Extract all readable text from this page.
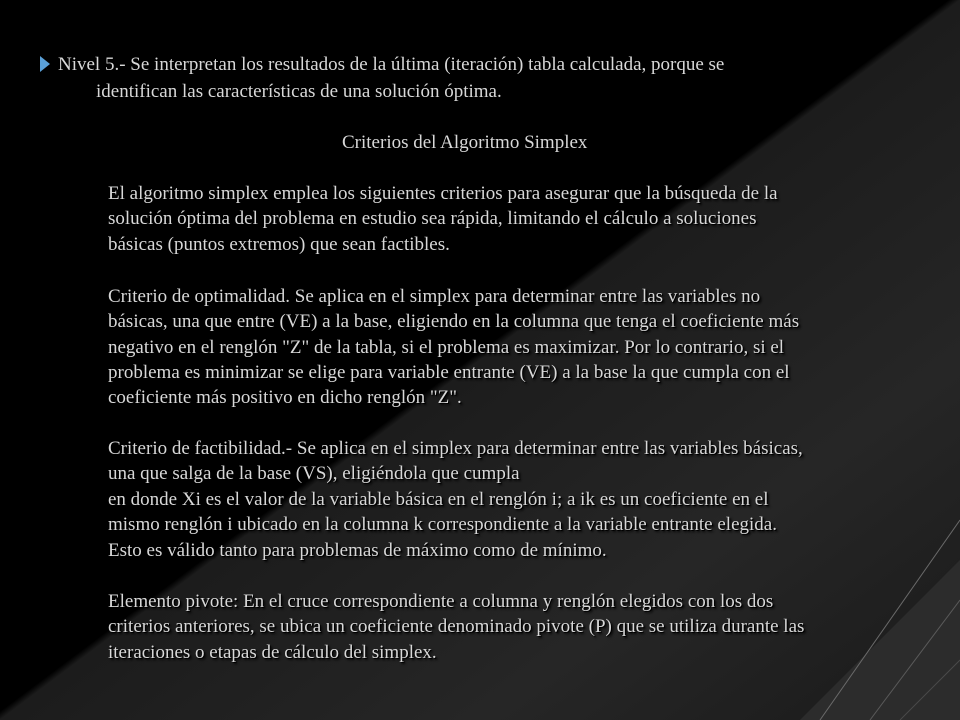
Nivel 5.- Se interpretan los resultados de la última (iteración) tabla calculada, porque se
identifican las características de una solución óptima.
Criterios del Algoritmo Simplex
El algoritmo simplex emplea los siguientes criterios para asegurar que la búsqueda de la
solución óptima del problema en estudio sea rápida, limitando el cálculo a soluciones
básicas (puntos extremos) que sean factibles.
Criterio de optimalidad. Se aplica en el simplex para determinar entre las variables no
básicas, una que entre (VE) a la base, eligiendo en la columna que tenga el coeficiente más
negativo en el renglón "Z" de la tabla, si el problema es maximizar. Por lo contrario, si el
problema es minimizar se elige para variable entrante (VE) a la base la que cumpla con el
coeficiente más positivo en dicho renglón "Z".
Criterio de factibilidad.- Se aplica en el simplex para determinar entre las variables básicas,
una que salga de la base (VS), eligiéndola que cumpla
en donde Xi es el valor de la variable básica en el renglón i; a ik es un coeficiente en el
mismo renglón i ubicado en la columna k correspondiente a la variable entrante elegida.
Esto es válido tanto para problemas de máximo como de mínimo.
Elemento pivote: En el cruce correspondiente a columna y renglón elegidos con los dos
criterios anteriores, se ubica un coeficiente denominado pivote (P) que se utiliza durante las
iteraciones o etapas de cálculo del simplex.
